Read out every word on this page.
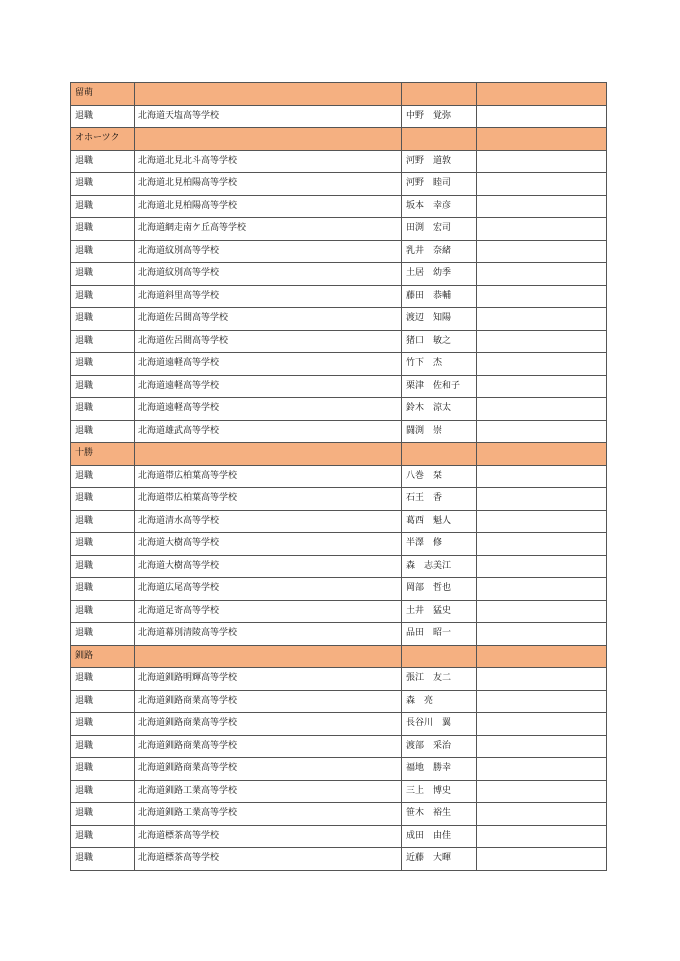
留萌			
退職	北海道天塩高等学校	中野　覚弥	
オホーツク			
退職	北海道北見北斗高等学校	河野　道敦	
退職	北海道北見柏陽高等学校	河野　睦司	
退職	北海道北見柏陽高等学校	坂本　幸彦	
退職	北海道網走南ケ丘高等学校	田渕　宏司	
退職	北海道紋別高等学校	乳井　奈緒	
退職	北海道紋別高等学校	土居　幼季	
退職	北海道斜里高等学校	藤田　恭輔	
退職	北海道佐呂間高等学校	渡辺　知陽	
退職	北海道佐呂間高等学校	猪口　敏之	
退職	北海道遠軽高等学校	竹下　杰	
退職	北海道遠軽高等学校	栗津　佐和子	
退職	北海道遠軽高等学校	鈴木　涼太	
退職	北海道雄武高等学校	闘渕　崇	
十勝			
退職	北海道帯広柏葉高等学校	八巻　栞	
退職	北海道帯広柏葉高等学校	石王　香	
退職	北海道清水高等学校	葛西　魁人	
退職	北海道大樹高等学校	半澤　修	
退職	北海道大樹高等学校	森　志美江	
退職	北海道広尾高等学校	岡部　哲也	
退職	北海道足寄高等学校	土井　猛史	
退職	北海道幕別清陵高等学校	品田　昭一	
釧路			
退職	北海道釧路明輝高等学校	張江　友二	
退職	北海道釧路商業高等学校	森　亮	
退職	北海道釧路商業高等学校	長谷川　翼	
退職	北海道釧路商業高等学校	渡部　采治	
退職	北海道釧路商業高等学校	福地　勝幸	
退職	北海道釧路工業高等学校	三上　博史	
退職	北海道釧路工業高等学校	笹木　裕生	
退職	北海道標茶高等学校	成田　由佳	
退職	北海道標茶高等学校	近藤　大暉	
